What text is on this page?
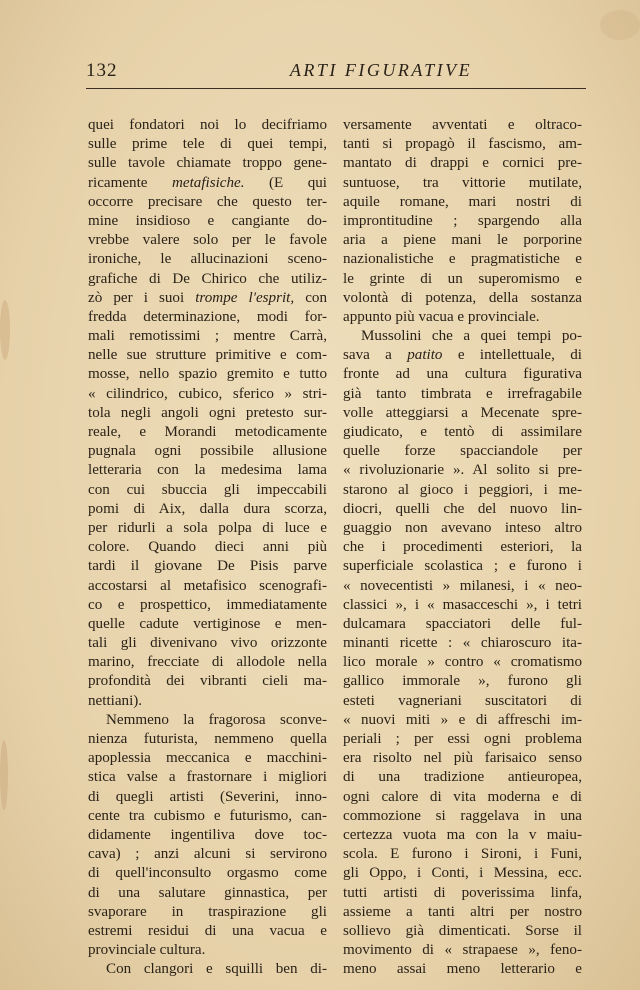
132	ARTI FIGURATIVE
quei fondatori noi lo decifriamo
sulle prime tele di quei tempi,
sulle tavole chiamate troppo gene-
ricamente metafisiche. (E qui
occorre precisare che questo ter-
mine insidioso e cangiante do-
vrebbe valere solo per le favole
ironiche, le allucinazioni sceno-
grafiche di De Chirico che utiliz-
zò per i suoi trompe l'esprit, con
fredda determinazione, modi for-
mali remotissimi ; mentre Carrà,
nelle sue strutture primitive e com-
mosse, nello spazio gremito e tutto
« cilindrico, cubico, sferico » stri-
tola negli angoli ogni pretesto sur-
reale, e Morandi metodicamente
pugnala ogni possibile allusione
letteraria con la medesima lama
con cui sbuccia gli impeccabili
pomi di Aix, dalla dura scorza,
per ridurli a sola polpa di luce e
colore. Quando dieci anni più
tardi il giovane De Pisis parve
accostarsi al metafisico scenografi-
co e prospettico, immediatamente
quelle cadute vertiginose e men-
tali gli divenivano vivo orizzonte
marino, frecciate di allodole nella
profondità dei vibranti cieli ma-
nettiani).
Nemmeno la fragorosa sconve-
nienza futurista, nemmeno quella
apoplessia meccanica e macchini-
stica valse a frastornare i migliori
di quegli artisti (Severini, inno-
cente tra cubismo e futurismo, can-
didamente ingentiliva dove toc-
cava) ; anzi alcuni si servirono
di quell'inconsulto orgasmo come
di una salutare ginnastica, per
svaporare in traspirazione gli
estremi residui di una vacua e
provinciale cultura.
Con clangori e squilli ben di-
versamente avventati e oltraco-
tanti si propagò il fascismo, am-
mantato di drappi e cornici pre-
suntuose, tra vittorie mutilate,
aquile romane, mari nostri di
improntitudine ; spargendo alla
aria a piene mani le porporine
nazionalistiche e pragmatistiche e
le grinte di un superomismo e
volontà di potenza, della sostanza
appunto più vacua e provinciale.
Mussolini che a quei tempi po-
sava a patito e intellettuale, di
fronte ad una cultura figurativa
già tanto timbrata e irrefragabile
volle atteggiarsi a Mecenate spre-
giudicato, e tentò di assimilare
quelle forze spacciandole per
« rivoluzionarie ». Al solito si pre-
starono al gioco i peggiori, i me-
diocri, quelli che del nuovo lin-
guaggio non avevano inteso altro
che i procedimenti esteriori, la
superficiale scolastica ; e furono i
« novecentisti » milanesi, i « neo-
classici », i « masacceschi », i tetri
dulcamara spacciatori delle ful-
minanti ricette : « chiaroscuro ita-
lico morale » contro « cromatismo
gallico immorale », furono gli
esteti vagneriani suscitatori di
« nuovi miti » e di affreschi im-
periali ; per essi ogni problema
era risolto nel più farisaico senso
di una tradizione antieuropea,
ogni calore di vita moderna e di
commozione si raggelava in una
certezza vuota ma con la v maiu-
scola. E furono i Sironi, i Funi,
gli Oppo, i Conti, i Messina, ecc.
tutti artisti di poverissima linfa,
assieme a tanti altri per nostro
sollievo già dimenticati. Sorse il
movimento di « strapaese », feno-
meno assai meno letterario e
